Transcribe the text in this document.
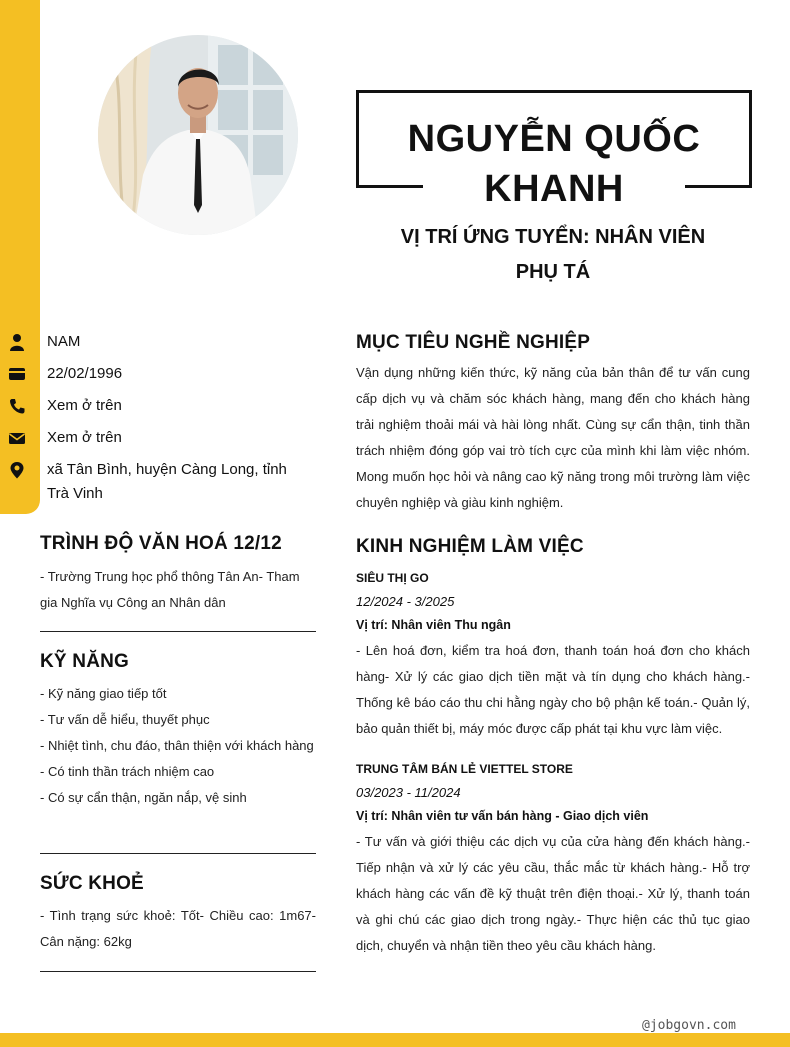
NGUYỄN QUỐC KHANH
VỊ TRÍ ỨNG TUYỂN: NHÂN VIÊN PHỤ TÁ
NAM
22/02/1996
Xem ở trên
Xem ở trên
xã Tân Bình, huyện Càng Long, tỉnh Trà Vinh
TRÌNH ĐỘ VĂN HOÁ 12/12
- Trường Trung học phổ thông Tân An- Tham gia Nghĩa vụ Công an Nhân dân
KỸ NĂNG
- Kỹ năng giao tiếp tốt
- Tư vấn dễ hiểu, thuyết phục
- Nhiệt tình, chu đáo, thân thiện với khách hàng
- Có tinh thần trách nhiệm cao
- Có sự cẩn thận, ngăn nắp, vệ sinh
SỨC KHOẺ
- Tình trạng sức khoẻ: Tốt- Chiều cao: 1m67- Cân nặng: 62kg
MỤC TIÊU NGHỀ NGHIỆP
Vận dụng những kiến thức, kỹ năng của bản thân để tư vấn cung cấp dịch vụ và chăm sóc khách hàng, mang đến cho khách hàng trải nghiệm thoải mái và hài lòng nhất. Cùng sự cẩn thận, tinh thần trách nhiệm đóng góp vai trò tích cực của mình khi làm việc nhóm. Mong muốn học hỏi và nâng cao kỹ năng trong môi trường làm việc chuyên nghiệp và giàu kinh nghiệm.
KINH NGHIỆM LÀM VIỆC
SIÊU THỊ GO
12/2024 - 3/2025
Vị trí: Nhân viên Thu ngân
- Lên hoá đơn, kiểm tra hoá đơn, thanh toán hoá đơn cho khách hàng- Xử lý các giao dịch tiền mặt và tín dụng cho khách hàng.- Thống kê báo cáo thu chi hằng ngày cho bộ phận kế toán.- Quản lý, bảo quản thiết bị, máy móc được cấp phát tại khu vực làm việc.
TRUNG TÂM BÁN LẺ VIETTEL STORE
03/2023 - 11/2024
Vị trí: Nhân viên tư vấn bán hàng - Giao dịch viên
- Tư vấn và giới thiệu các dịch vụ của cửa hàng đến khách hàng.- Tiếp nhận và xử lý các yêu cầu, thắc mắc từ khách hàng.- Hỗ trợ khách hàng các vấn đề kỹ thuật trên điện thoại.- Xử lý, thanh toán và ghi chú các giao dịch trong ngày.- Thực hiện các thủ tục giao dịch, chuyển và nhận tiền theo yêu cầu khách hàng.
@jobgovn.com
